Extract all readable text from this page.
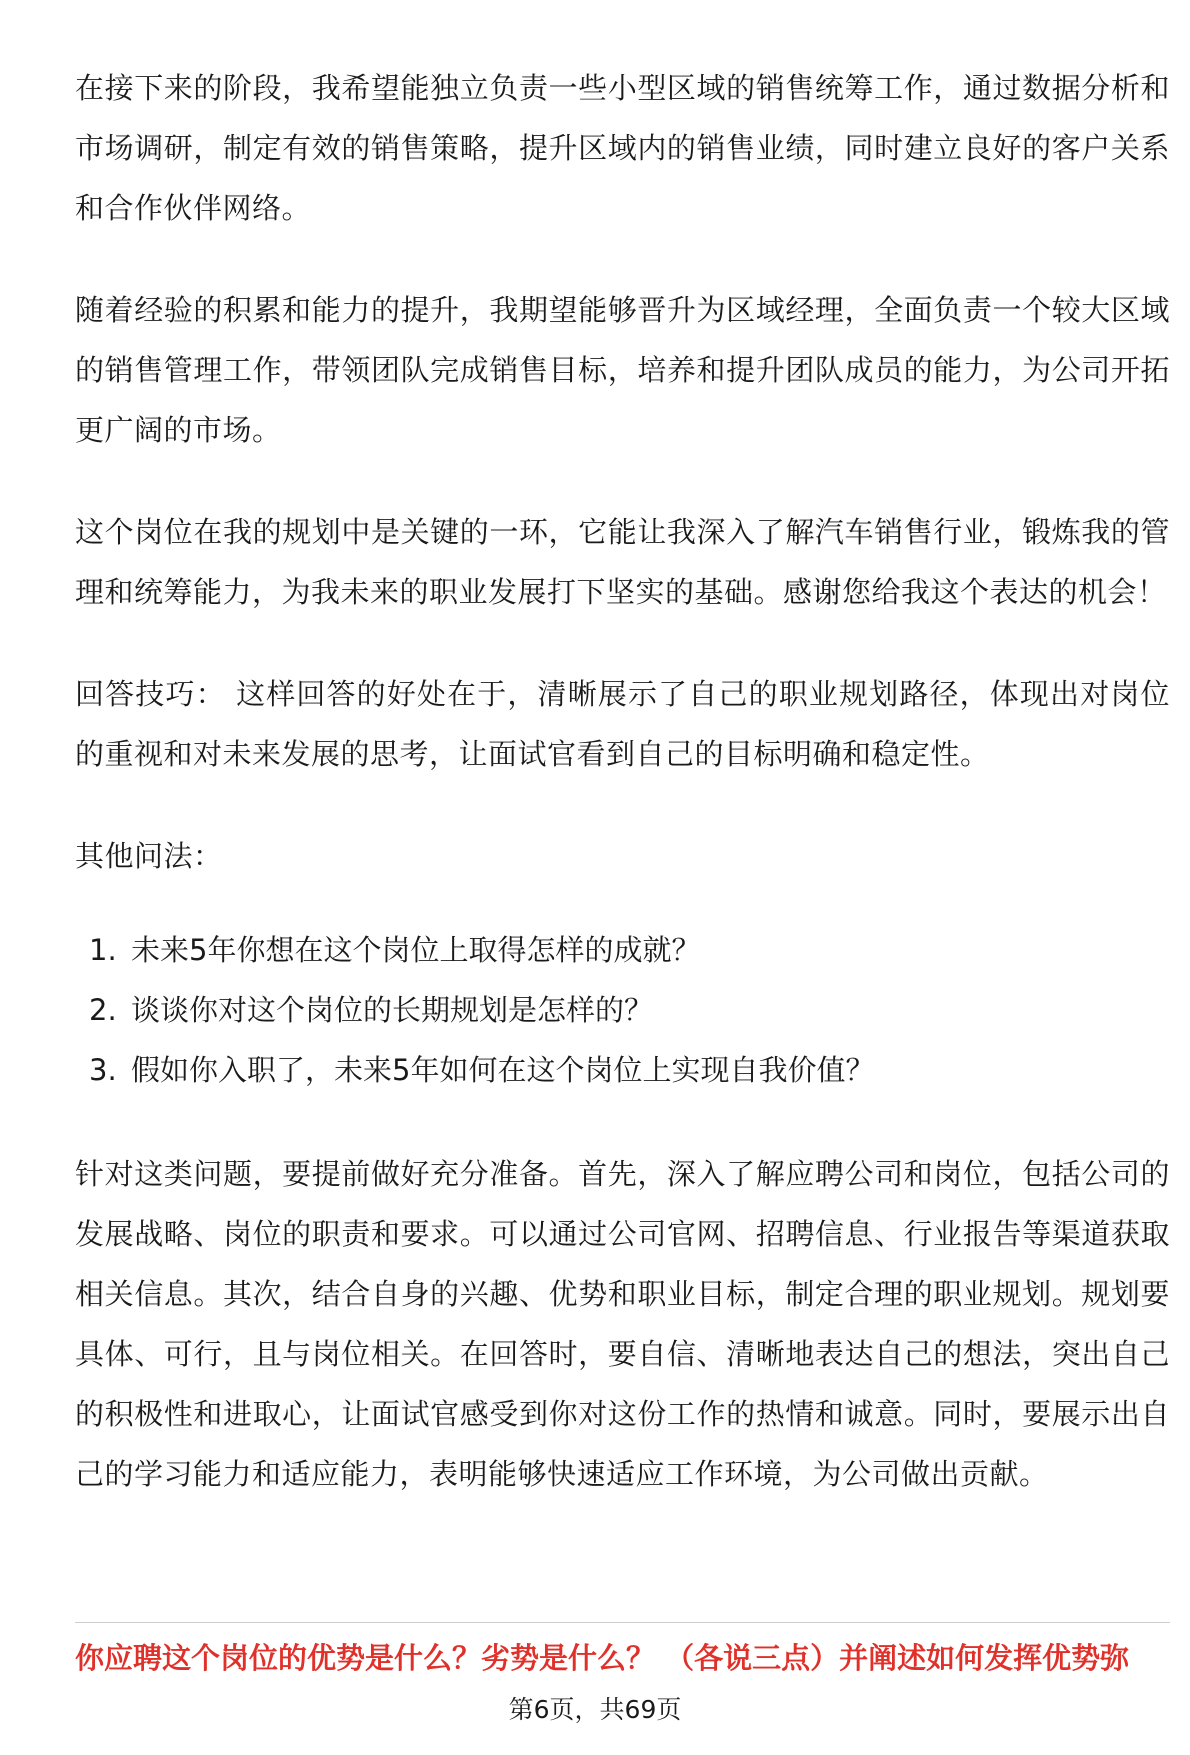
在接下来的阶段，我希望能独立负责一些小型区域的销售统筹工作，通过数据分析和市场调研，制定有效的销售策略，提升区域内的销售业绩，同时建立良好的客户关系和合作伙伴网络。

随着经验的积累和能力的提升，我期望能够晋升为区域经理，全面负责一个较大区域的销售管理工作，带领团队完成销售目标，培养和提升团队成员的能力，为公司开拓更广阔的市场。

这个岗位在我的规划中是关键的一环，它能让我深入了解汽车销售行业，锻炼我的管理和统筹能力，为我未来的职业发展打下坚实的基础。感谢您给我这个表达的机会！

回答技巧： 这样回答的好处在于，清晰展示了自己的职业规划路径，体现出对岗位的重视和对未来发展的思考，让面试官看到自己的目标明确和稳定性。

其他问法：

1. 未来5年你想在这个岗位上取得怎样的成就？
2. 谈谈你对这个岗位的长期规划是怎样的？
3. 假如你入职了，未来5年如何在这个岗位上实现自我价值？

针对这类问题，要提前做好充分准备。首先，深入了解应聘公司和岗位，包括公司的发展战略、岗位的职责和要求。可以通过公司官网、招聘信息、行业报告等渠道获取相关信息。其次，结合自身的兴趣、优势和职业目标，制定合理的职业规划。规划要具体、可行，且与岗位相关。在回答时，要自信、清晰地表达自己的想法，突出自己的积极性和进取心，让面试官感受到你对这份工作的热情和诚意。同时，要展示出自己的学习能力和适应能力，表明能够快速适应工作环境，为公司做出贡献。

你应聘这个岗位的优势是什么？劣势是什么？ （各说三点）并阐述如何发挥优势弥
第6页，共69页
